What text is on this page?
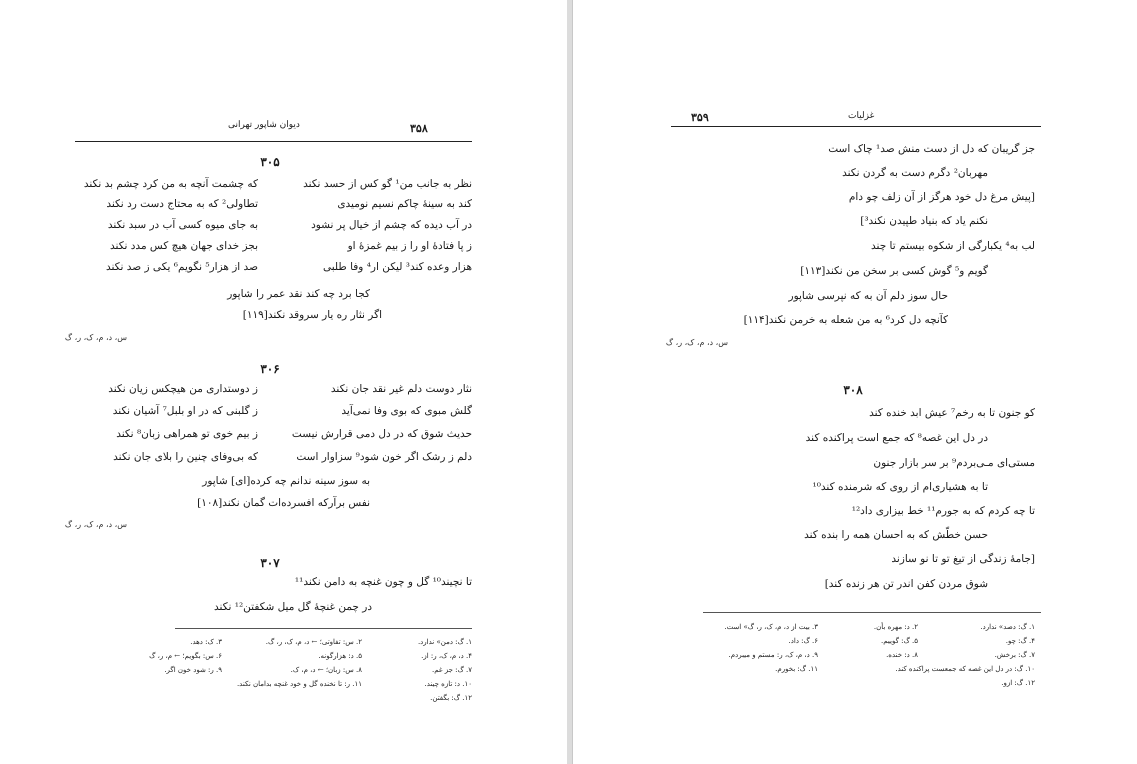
۳۵۸
دیوان شاپور تهرانی
۳۰۵
نظر به جانب من¹ گو کس از حسد نکند
که چشمت آنچه به من کرد چشم بد نکند
کند به سینهٔ چاکم نسیم نومیدی
تطاولی² که به محتاج دست رد نکند
در آب دیده که چشم از خیال پر نشود
به جای میوه کسی آب در سبد نکند
ز پا فتادهٔ او را ز بیم غمزهٔ او
بجز خدای جهان هیچ کس مدد نکند
هزار وعده کند³ لیکن ار⁴ وفا طلبی
صد از هزار⁵ نگویم⁶ یکی ز صد نکند
کجا برد چه کند نقد عمر را شاپور
اگر نثار ره یار سروقد نکند[۱۱۹]
س، د، م، ک، ر، گ
۳۰۶
نثار دوست دلم غیر نقد جان نکند
ز دوستداری من هیچکس زیان نکند
گلش مبوی که بوی وفا نمی‌آید
ز گلبنی که در او بلبل⁷ آشیان نکند
حدیث شوق که در دل دمی قرارش نیست
ز بیم خوی تو همراهی زبان⁸ نکند
دلم ز رشک اگر خون شود⁹ سزاوار است
که بی‌وفای چنین را بلای جان نکند
به سوز سینه ندانم چه کرده[ای] شاپور
نفس برآرکه افسرده‌ات گمان نکند[۱۰۸]
س، د، م، ک، ر، گ
۳۰۷
تا نچیند¹⁰ گل و چون غنچه به دامن نکند¹¹
در چمن غنچهٔ گل میل شکفتن¹² نکند
۱. گ: دمن» ندارد.
۲. س: تفاوتی؛ ← د، م، ک، ر، گ.
۳. ک: دهد.
۴. د، م، ک، ر: از.
۵. د: هزارگونه.
۶. س: بگویم؛ ← م، ر، گ
۷. گ: جز غم.
۸. س: زبان؛ ← د، م، ک.
۹. ر: شود خون اگر.
۱۰. د: تازه چیند.
۱۱. ر: تا نخنده گل و خود غنچه بدامان نکند.
۱۲. گ: بگفتن.
۳۵۹	غزلیات
جز گریبان که دل از دست منش صد¹ چاک است
مهربان² دگرم دست به گردن نکند
[پیش مرغ دل خود هرگز از آن زلف چو دام
نکنم یاد که بنیاد طپیدن نکند³]
لب به⁴ یکبارگی از شکوه بیستم تا چند
گویم و⁵ گوش کسی بر سخن من نکند[۱۱۳]
حال سوز دلم آن به که نپرسی شاپور
کآنچه دل کرد⁶ به من شعله به خرمن نکند[۱۱۴]
س، د، م، ک، ر، گ
۳۰۸
کو جنون تا به رخم⁷ عیش ابد خنده کند
در دل این غصه⁸ که جمع است پراکنده کند
مستی‌ای مـی‌بردم⁹ بر سر بازار جنون
تا به هشیاری‌ام از روی که شرمنده کند¹⁰
تا چه کردم که به جورم¹¹ خط بیزاری داد¹²
حسن خطّش که به احسان همه را بنده کند
[جامهٔ زندگی از تیغ تو تا نو سازند
شوق مردن کفن اندر تن هر زنده کند]
۱. گ: دصد» ندارد.
۲. د: مهره بأن.
۳. بیت از د، م، ک، ر، گ» است.
۴. گ: چو.
۵. گ: گوییم.
۶. گ: داد.
۷. گ: برخش.
۸. د: خنده.
۹. د، م، ک، ر: مستم و میبردم.
۱۰. گ: در دل این غصه که جمعست پراکنده کند.
۱۱. گ: بخورم.
۱۲. گ: ازو.
